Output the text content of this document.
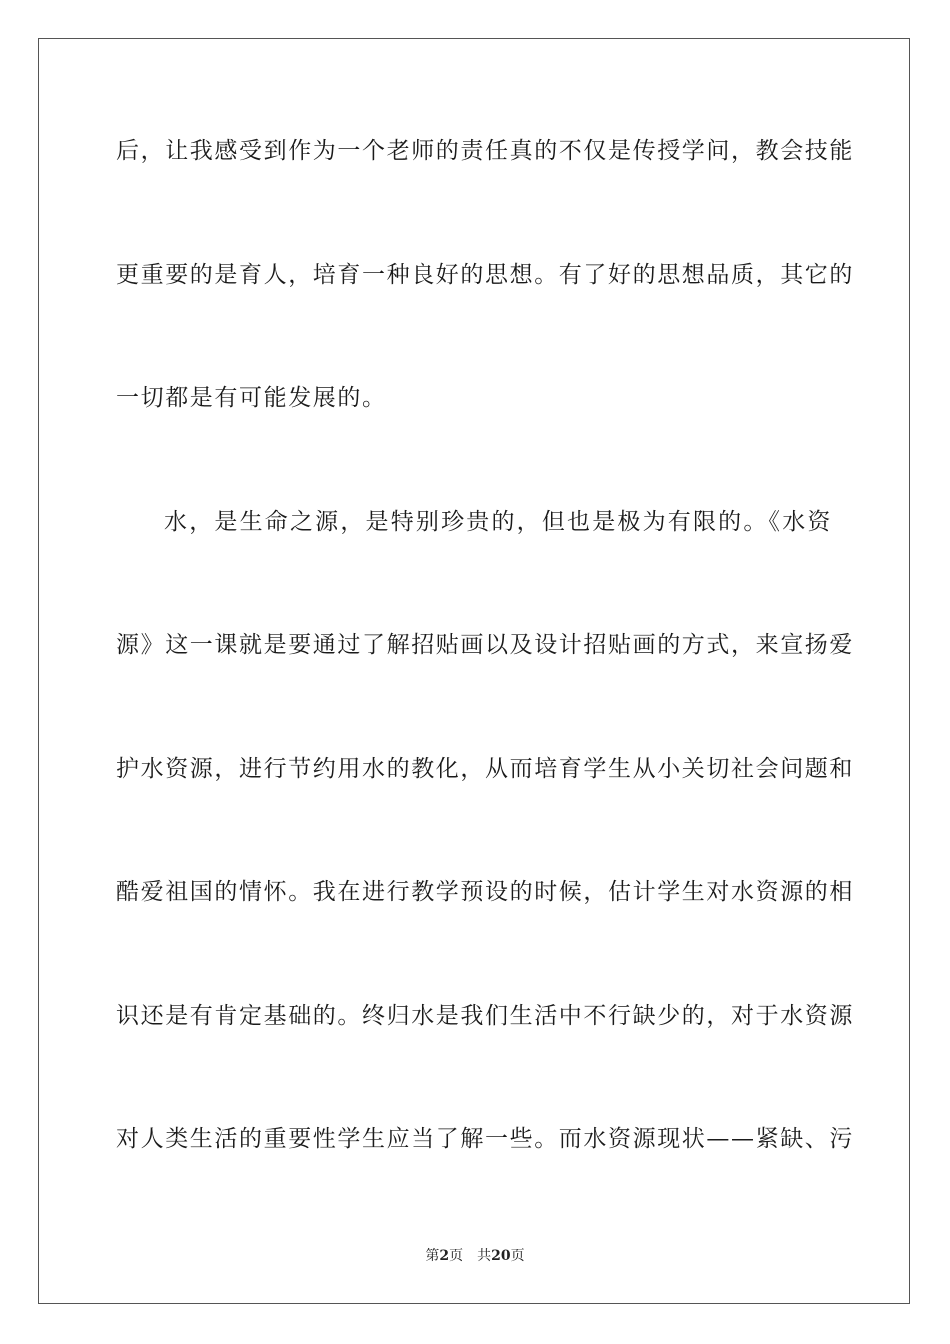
后，让我感受到作为一个老师的责任真的不仅是传授学问，教会技能
更重要的是育人，培育一种良好的思想。有了好的思想品质，其它的
一切都是有可能发展的。
水，是生命之源，是特别珍贵的，但也是极为有限的。《水资
源》这一课就是要通过了解招贴画以及设计招贴画的方式，来宣扬爱
护水资源，进行节约用水的教化，从而培育学生从小关切社会问题和
酷爱祖国的情怀。我在进行教学预设的时候，估计学生对水资源的相
识还是有肯定基础的。终归水是我们生活中不行缺少的，对于水资源
对人类生活的重要性学生应当了解一些。而水资源现状——紧缺、污
第2页 共20页
